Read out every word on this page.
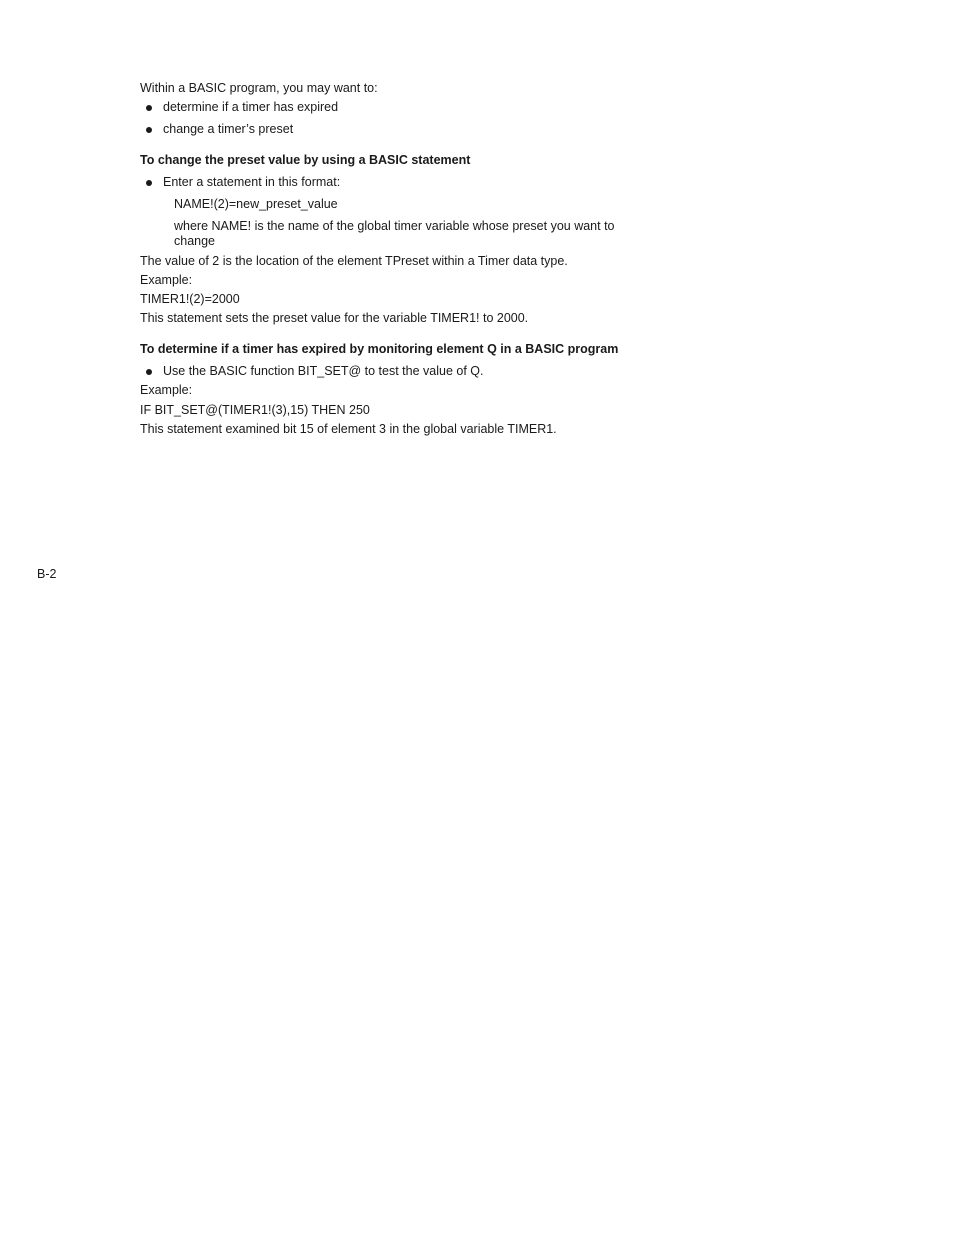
Within a BASIC program, you may want to:

determine if a timer has expired
change a timer’s preset
To change the preset value by using a BASIC statement
Enter a statement in this format:
NAME!(2)=new_preset_value
where NAME! is the name of the global timer variable whose preset you want to change

The value of 2 is the location of the element TPreset within a Timer data type.

Example:

TIMER1!(2)=2000

This statement sets the preset value for the variable TIMER1! to 2000.

To determine if a timer has expired by monitoring element Q in a BASIC program
Use the BASIC function BIT_SET@ to test the value of Q.

Example:

IF BIT_SET@(TIMER1!(3),15) THEN 250

This statement examined bit 15 of element 3 in the global variable TIMER1.

B-2
